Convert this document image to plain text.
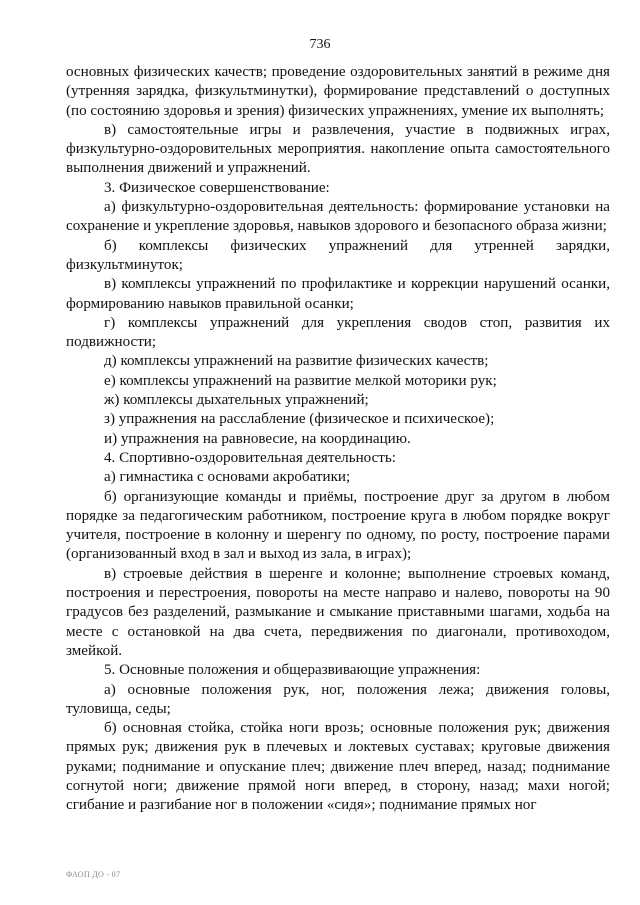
736

основных физических качеств; проведение оздоровительных занятий в режиме дня (утренняя зарядка, физкультминутки), формирование представлений о доступных (по состоянию здоровья и зрения) физических упражнениях, умение их выполнять;

в) самостоятельные игры и развлечения, участие в подвижных играх, физкультурно-оздоровительных мероприятия. накопление опыта самостоятельного выполнения движений и упражнений.

3. Физическое совершенствование:

а) физкультурно-оздоровительная деятельность: формирование установки на сохранение и укрепление здоровья, навыков здорового и безопасного образа жизни;

б) комплексы физических упражнений для утренней зарядки, физкультминуток;

в) комплексы упражнений по профилактике и коррекции нарушений осанки, формированию навыков правильной осанки;

г) комплексы упражнений для укрепления сводов стоп, развития их подвижности;

д) комплексы упражнений на развитие физических качеств;

е) комплексы упражнений на развитие мелкой моторики рук;

ж) комплексы дыхательных упражнений;

з) упражнения на расслабление (физическое и психическое);

и) упражнения на равновесие, на координацию.

4. Спортивно-оздоровительная деятельность:

а) гимнастика с основами акробатики;

б) организующие команды и приёмы, построение друг за другом в любом порядке за педагогическим работником, построение круга в любом порядке вокруг учителя, построение в колонну и шеренгу по одному, по росту, построение парами (организованный вход в зал и выход из зала, в играх);

в) строевые действия в шеренге и колонне; выполнение строевых команд, построения и перестроения, повороты на месте направо и налево, повороты на 90 градусов без разделений, размыкание и смыкание приставными шагами, ходьба на месте с остановкой на два счета, передвижения по диагонали, противоходом, змейкой.

5. Основные положения и общеразвивающие упражнения:

а) основные положения рук, ног, положения лежа; движения головы, туловища, седы;

б) основная стойка, стойка ноги врозь; основные положения рук; движения прямых рук; движения рук в плечевых и локтевых суставах; круговые движения руками; поднимание и опускание плеч; движение плеч вперед, назад; поднимание согнутой ноги; движение прямой ноги вперед, в сторону, назад; махи ногой; сгибание и разгибание ног в положении «сидя»; поднимание прямых ног

ФАОП ДО - 07
